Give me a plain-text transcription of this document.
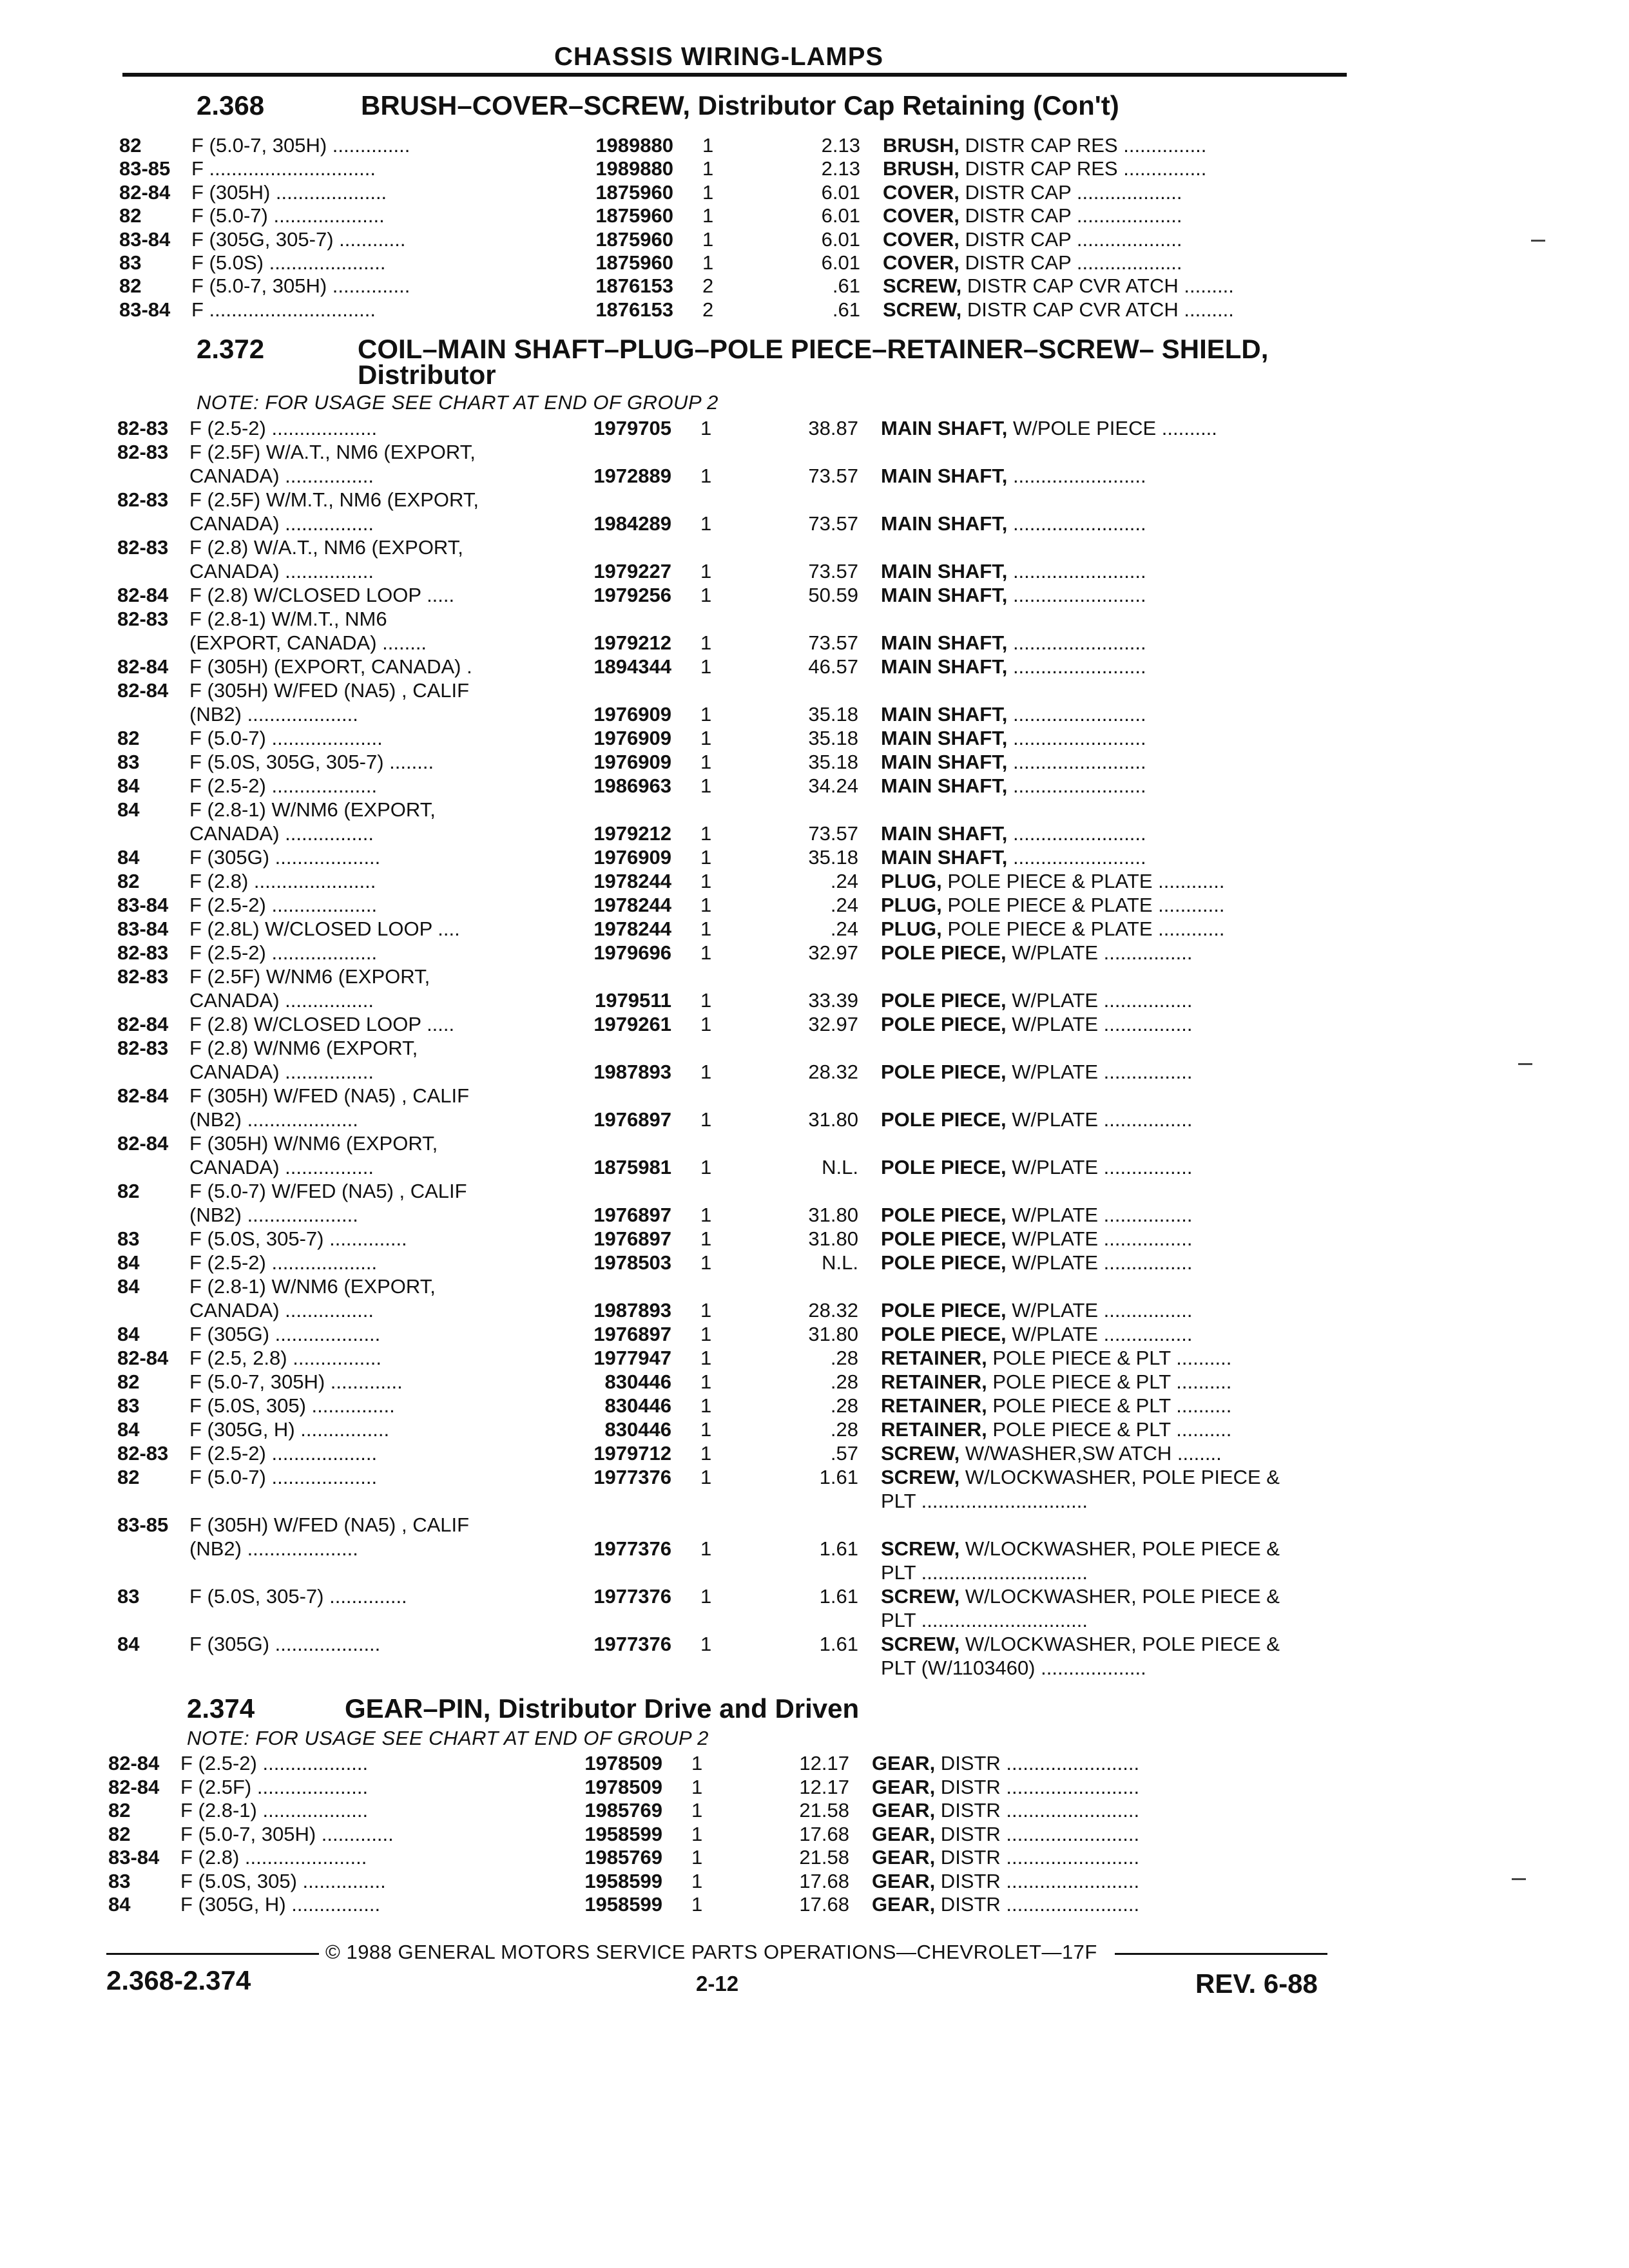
CHASSIS WIRING-LAMPS
2.368	BRUSH–COVER–SCREW, Distributor Cap Retaining (Con't)
82	F (5.0-7, 305H) ..............	1989880 1	2.13 BRUSH, DISTR CAP RES ...............
83-85 F ..............................	1989880 1	2.13 BRUSH, DISTR CAP RES ...............
82-84 F (305H) ....................	1875960 1	6.01 COVER, DISTR CAP ...................
82	F (5.0-7) ....................	1875960 1	6.01 COVER, DISTR CAP ...................
83-84 F (305G, 305-7) ............	1875960 1	6.01 COVER, DISTR CAP ...................
83	F (5.0S) .....................	1875960 1	6.01 COVER, DISTR CAP ...................
82	F (5.0-7, 305H) ..............	1876153 2	.61 SCREW, DISTR CAP CVR ATCH .........
83-84 F ..............................	1876153 2	.61 SCREW, DISTR CAP CVR ATCH .........
2.372	COIL–MAIN SHAFT–PLUG–POLE PIECE–RETAINER–SCREW– SHIELD,
Distributor
NOTE: FOR USAGE SEE CHART AT END OF GROUP 2
82-83 F (2.5-2) ...................	1979705 1	38.87 MAIN SHAFT, W/POLE PIECE ..........
82-83 F (2.5F) W/A.T., NM6 (EXPORT,
CANADA) ................	1972889 1	73.57 MAIN SHAFT, ........................
82-83 F (2.5F) W/M.T., NM6 (EXPORT,
CANADA) ................	1984289 1	73.57 MAIN SHAFT, ........................
82-83 F (2.8) W/A.T., NM6 (EXPORT,
CANADA) ................	1979227 1	73.57 MAIN SHAFT, ........................
82-84 F (2.8) W/CLOSED LOOP .....	1979256 1	50.59 MAIN SHAFT, ........................
82-83 F (2.8-1) W/M.T., NM6
(EXPORT, CANADA) ........	1979212 1	73.57 MAIN SHAFT, ........................
82-84 F (305H) (EXPORT, CANADA) .	1894344 1	46.57 MAIN SHAFT, ........................
82-84 F (305H) W/FED (NA5) , CALIF
(NB2) ....................	1976909 1	35.18 MAIN SHAFT, ........................
82	F (5.0-7) ....................	1976909 1	35.18 MAIN SHAFT, ........................
83	F (5.0S, 305G, 305-7) ........	1976909 1	35.18 MAIN SHAFT, ........................
84	F (2.5-2) ...................	1986963 1	34.24 MAIN SHAFT, ........................
84	F (2.8-1) W/NM6 (EXPORT,
CANADA) ................	1979212 1	73.57 MAIN SHAFT, ........................
84	F (305G) ...................	1976909 1	35.18 MAIN SHAFT, ........................
82	F (2.8) ......................	1978244 1	.24 PLUG, POLE PIECE & PLATE ............
83-84 F (2.5-2) ...................	1978244 1	.24 PLUG, POLE PIECE & PLATE ............
83-84 F (2.8L) W/CLOSED LOOP ....	1978244 1	.24 PLUG, POLE PIECE & PLATE ............
82-83 F (2.5-2) ...................	1979696 1	32.97 POLE PIECE, W/PLATE ................
82-83 F (2.5F) W/NM6 (EXPORT,
CANADA) ................	1979511 1	33.39 POLE PIECE, W/PLATE ................
82-84 F (2.8) W/CLOSED LOOP .....	1979261 1	32.97 POLE PIECE, W/PLATE ................
82-83 F (2.8) W/NM6 (EXPORT,
CANADA) ................	1987893 1	28.32 POLE PIECE, W/PLATE ................
82-84 F (305H) W/FED (NA5) , CALIF
(NB2) ....................	1976897 1	31.80 POLE PIECE, W/PLATE ................
82-84 F (305H) W/NM6 (EXPORT,
CANADA) ................	1875981 1	N.L. POLE PIECE, W/PLATE ................
82	F (5.0-7) W/FED (NA5) , CALIF
(NB2) ....................	1976897 1	31.80 POLE PIECE, W/PLATE ................
83	F (5.0S, 305-7) ..............	1976897 1	31.80 POLE PIECE, W/PLATE ................
84	F (2.5-2) ...................	1978503 1	N.L. POLE PIECE, W/PLATE ................
84	F (2.8-1) W/NM6 (EXPORT,
CANADA) ................	1987893 1	28.32 POLE PIECE, W/PLATE ................
84	F (305G) ...................	1976897 1	31.80 POLE PIECE, W/PLATE ................
82-84 F (2.5, 2.8) ................	1977947 1	.28 RETAINER, POLE PIECE & PLT ..........
82	F (5.0-7, 305H) .............	830446 1	.28 RETAINER, POLE PIECE & PLT ..........
83	F (5.0S, 305) ...............	830446 1	.28 RETAINER, POLE PIECE & PLT ..........
84	F (305G, H) ................	830446 1	.28 RETAINER, POLE PIECE & PLT ..........
82-83 F (2.5-2) ...................	1979712 1	.57 SCREW, W/WASHER,SW ATCH ........
82	F (5.0-7) ...................	1977376 1	1.61 SCREW, W/LOCKWASHER, POLE PIECE &
PLT ..............................
83-85 F (305H) W/FED (NA5) , CALIF
(NB2) ....................	1977376 1	1.61 SCREW, W/LOCKWASHER, POLE PIECE &
PLT ..............................
83	F (5.0S, 305-7) ..............	1977376 1	1.61 SCREW, W/LOCKWASHER, POLE PIECE &
PLT ..............................
84	F (305G) ...................	1977376 1	1.61 SCREW, W/LOCKWASHER, POLE PIECE &
PLT (W/1103460) ...................
2.374	GEAR–PIN, Distributor Drive and Driven
NOTE: FOR USAGE SEE CHART AT END OF GROUP 2
82-84 F (2.5-2) ...................	1978509 1	12.17 GEAR, DISTR ........................
82-84 F (2.5F) ....................	1978509 1	12.17 GEAR, DISTR ........................
82	F (2.8-1) ...................	1985769 1	21.58 GEAR, DISTR ........................
82	F (5.0-7, 305H) .............	1958599 1	17.68 GEAR, DISTR ........................
83-84 F (2.8) ......................	1985769 1	21.58 GEAR, DISTR ........................
83	F (5.0S, 305) ...............	1958599 1	17.68 GEAR, DISTR ........................
84	F (305G, H) ................	1958599 1	17.68 GEAR, DISTR ........................
© 1988 GENERAL MOTORS SERVICE PARTS OPERATIONS—CHEVROLET—17F
2.368-2.374	2-12	REV. 6-88
